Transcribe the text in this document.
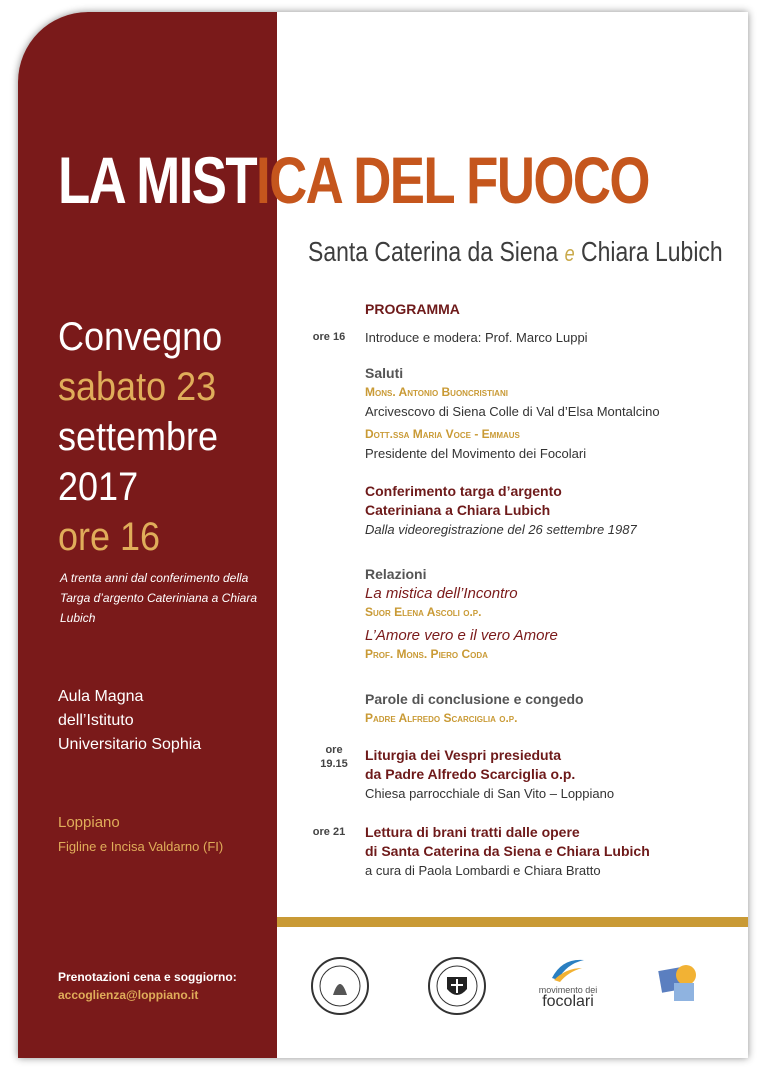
LA MISTICA DEL FUOCO
Santa Caterina da Siena e Chiara Lubich
Convegno
sabato 23
settembre
2017
ore 16
A trenta anni dal conferimento della Targa d’argento Cateriniana a Chiara Lubich
Aula Magna
dell’Istituto
Universitario Sophia
Loppiano
Figline e Incisa Valdarno (FI)
Prenotazioni cena e soggiorno:
accoglienza@loppiano.it
PROGRAMMA
ore 16	Introduce e modera: Prof. Marco Luppi
Saluti
Mons. Antonio Buoncristiani
Arcivescovo di Siena Colle di Val d’Elsa Montalcino
Dott.ssa Maria Voce - Emmaus
Presidente del Movimento dei Focolari
Conferimento targa d’argento
Cateriniana a Chiara Lubich
Dalla videoregistrazione del 26 settembre 1987
Relazioni
La mistica dell’Incontro
Suor Elena Ascoli o.p.
L’Amore vero e il vero Amore
Prof. Mons. Piero Coda
Parole di conclusione e congedo
Padre Alfredo Scarciglia o.p.
ore
19.15
Liturgia dei Vespri presieduta
da Padre Alfredo Scarciglia o.p.
Chiesa parrocchiale di San Vito – Loppiano
ore 21	Lettura di brani tratti dalle opere
di Santa Caterina da Siena e Chiara Lubich
a cura di Paola Lombardi e Chiara Bratto
movimento dei
focolari
